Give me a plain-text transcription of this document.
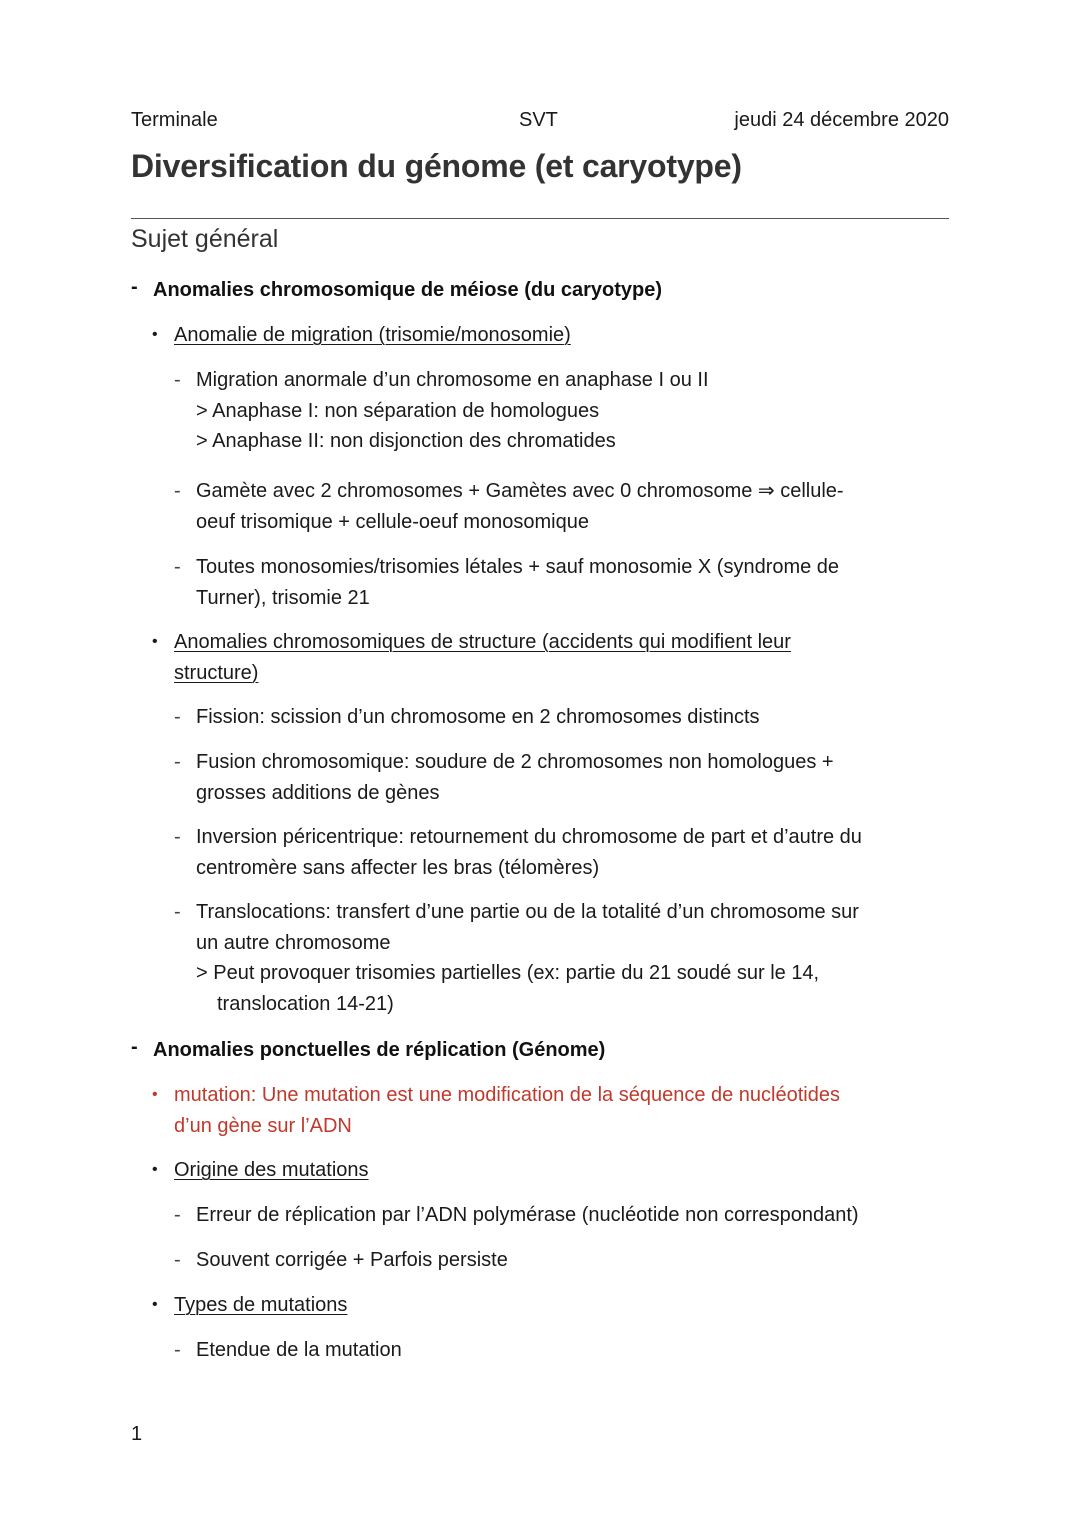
Terminale	SVT	jeudi 24 décembre 2020
Diversification du génome (et caryotype)
Sujet général
- Anomalies chromosomique de méiose (du caryotype)
• Anomalie de migration (trisomie/monosomie)
- Migration anormale d’un chromosome en anaphase I ou II
> Anaphase I: non séparation de homologues
> Anaphase II: non disjonction des chromatides
- Gamète avec 2 chromosomes + Gamètes avec 0 chromosome ⇒ cellule-
oeuf trisomique + cellule-oeuf monosomique
- Toutes monosomies/trisomies létales + sauf monosomie X (syndrome de
Turner), trisomie 21
• Anomalies chromosomiques de structure (accidents qui modifient leur
structure)
- Fission: scission d’un chromosome en 2 chromosomes distincts
- Fusion chromosomique: soudure de 2 chromosomes non homologues +
grosses additions de gènes
- Inversion péricentrique: retournement du chromosome de part et d’autre du
centromère sans affecter les bras (télomères)
- Translocations: transfert d’une partie ou de la totalité d’un chromosome sur
un autre chromosome
> Peut provoquer trisomies partielles (ex: partie du 21 soudé sur le 14,
translocation 14-21)
- Anomalies ponctuelles de réplication (Génome)
• mutation: Une mutation est une modification de la séquence de nucléotides
d’un gène sur l’ADN
• Origine des mutations
- Erreur de réplication par l’ADN polymérase (nucléotide non correspondant)
- Souvent corrigée + Parfois persiste
• Types de mutations
- Etendue de la mutation
1
